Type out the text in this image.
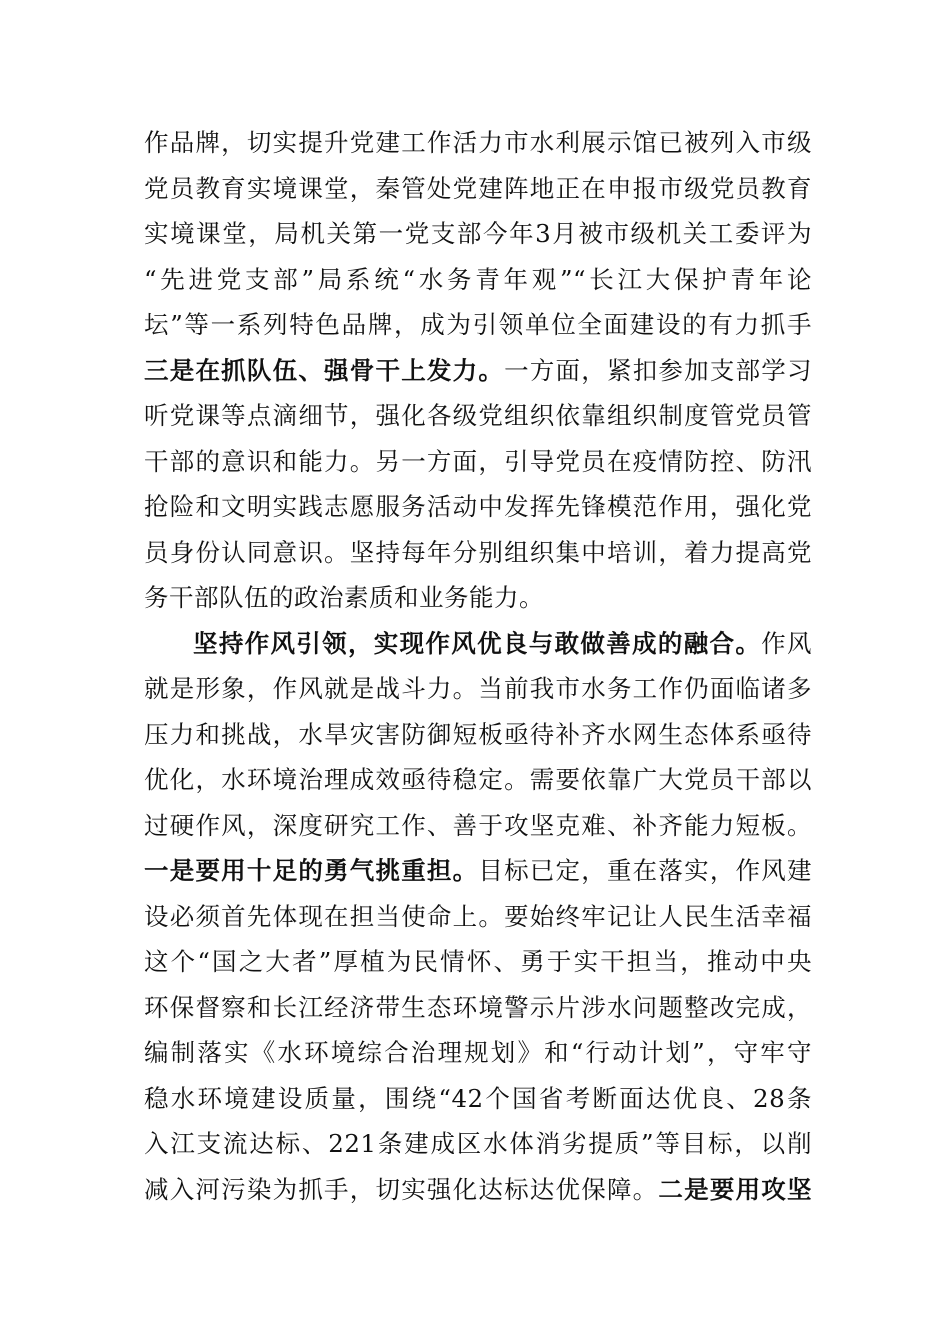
作品牌，切实提升党建工作活力市水利展示馆已被列入市级
党员教育实境课堂，秦管处党建阵地正在申报市级党员教育
实境课堂，局机关第一党支部今年3月被市级机关工委评为
“先进党支部”局系统“水务青年观”“长江大保护青年论
坛”等一系列特色品牌，成为引领单位全面建设的有力抓手
三是在抓队伍、强骨干上发力。一方面，紧扣参加支部学习
听党课等点滴细节，强化各级党组织依靠组织制度管党员管
干部的意识和能力。另一方面，引导党员在疫情防控、防汛
抢险和文明实践志愿服务活动中发挥先锋模范作用，强化党
员身份认同意识。坚持每年分别组织集中培训，着力提高党
务干部队伍的政治素质和业务能力。
坚持作风引领，实现作风优良与敢做善成的融合。作风
就是形象，作风就是战斗力。当前我市水务工作仍面临诸多
压力和挑战，水旱灾害防御短板亟待补齐水网生态体系亟待
优化，水环境治理成效亟待稳定。需要依靠广大党员干部以
过硬作风，深度研究工作、善于攻坚克难、补齐能力短板。
一是要用十足的勇气挑重担。目标已定，重在落实，作风建
设必须首先体现在担当使命上。要始终牢记让人民生活幸福
这个“国之大者”厚植为民情怀、勇于实干担当，推动中央
环保督察和长江经济带生态环境警示片涉水问题整改完成，
编制落实《水环境综合治理规划》和“行动计划”，守牢守
稳水环境建设质量，围绕“42个国省考断面达优良、28条
入江支流达标、221条建成区水体消劣提质”等目标，以削
减入河污染为抓手，切实强化达标达优保障。二是要用攻坚
